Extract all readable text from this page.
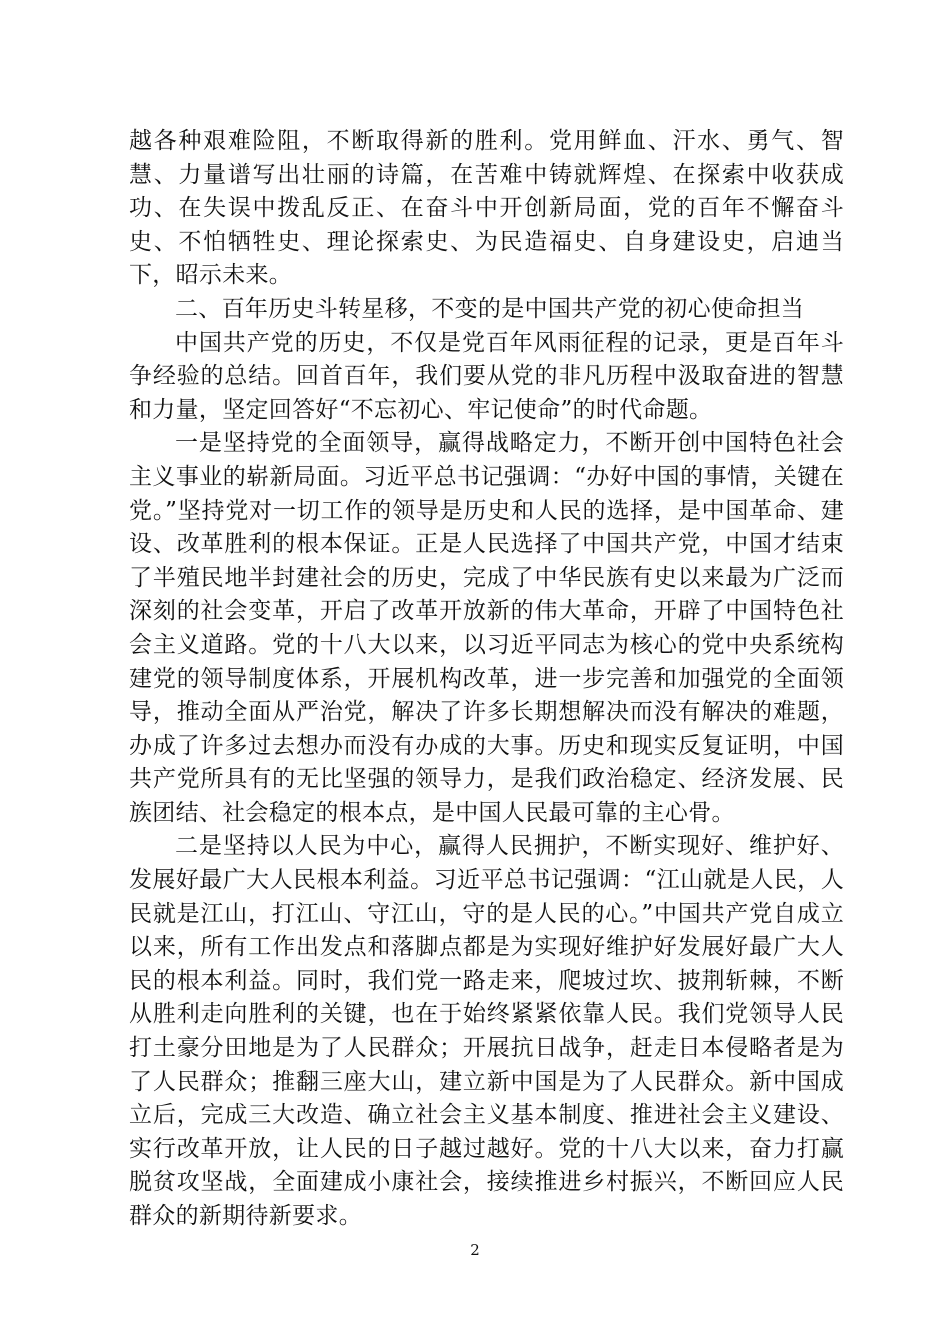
越各种艰难险阻，不断取得新的胜利。党用鲜血、汗水、勇气、智慧、力量谱写出壮丽的诗篇，在苦难中铸就辉煌、在探索中收获成功、在失误中拨乱反正、在奋斗中开创新局面，党的百年不懈奋斗史、不怕牺牲史、理论探索史、为民造福史、自身建设史，启迪当下，昭示未来。

二、百年历史斗转星移，不变的是中国共产党的初心使命担当

中国共产党的历史，不仅是党百年风雨征程的记录，更是百年斗争经验的总结。回首百年，我们要从党的非凡历程中汲取奋进的智慧和力量，坚定回答好“不忘初心、牢记使命”的时代命题。

一是坚持党的全面领导，赢得战略定力，不断开创中国特色社会主义事业的崭新局面。习近平总书记强调：“办好中国的事情，关键在党。”坚持党对一切工作的领导是历史和人民的选择，是中国革命、建设、改革胜利的根本保证。正是人民选择了中国共产党，中国才结束了半殖民地半封建社会的历史，完成了中华民族有史以来最为广泛而深刻的社会变革，开启了改革开放新的伟大革命，开辟了中国特色社会主义道路。党的十八大以来，以习近平同志为核心的党中央系统构建党的领导制度体系，开展机构改革，进一步完善和加强党的全面领导，推动全面从严治党，解决了许多长期想解决而没有解决的难题，办成了许多过去想办而没有办成的大事。历史和现实反复证明，中国共产党所具有的无比坚强的领导力，是我们政治稳定、经济发展、民族团结、社会稳定的根本点，是中国人民最可靠的主心骨。

二是坚持以人民为中心，赢得人民拥护，不断实现好、维护好、发展好最广大人民根本利益。习近平总书记强调：“江山就是人民，人民就是江山，打江山、守江山，守的是人民的心。”中国共产党自成立以来，所有工作出发点和落脚点都是为实现好维护好发展好最广大人民的根本利益。同时，我们党一路走来，爬坡过坎、披荆斩棘，不断从胜利走向胜利的关键，也在于始终紧紧依靠人民。我们党领导人民打土豪分田地是为了人民群众；开展抗日战争，赶走日本侵略者是为了人民群众；推翻三座大山，建立新中国是为了人民群众。新中国成立后，完成三大改造、确立社会主义基本制度、推进社会主义建设、实行改革开放，让人民的日子越过越好。党的十八大以来，奋力打赢脱贫攻坚战，全面建成小康社会，接续推进乡村振兴，不断回应人民群众的新期待新要求。

2
